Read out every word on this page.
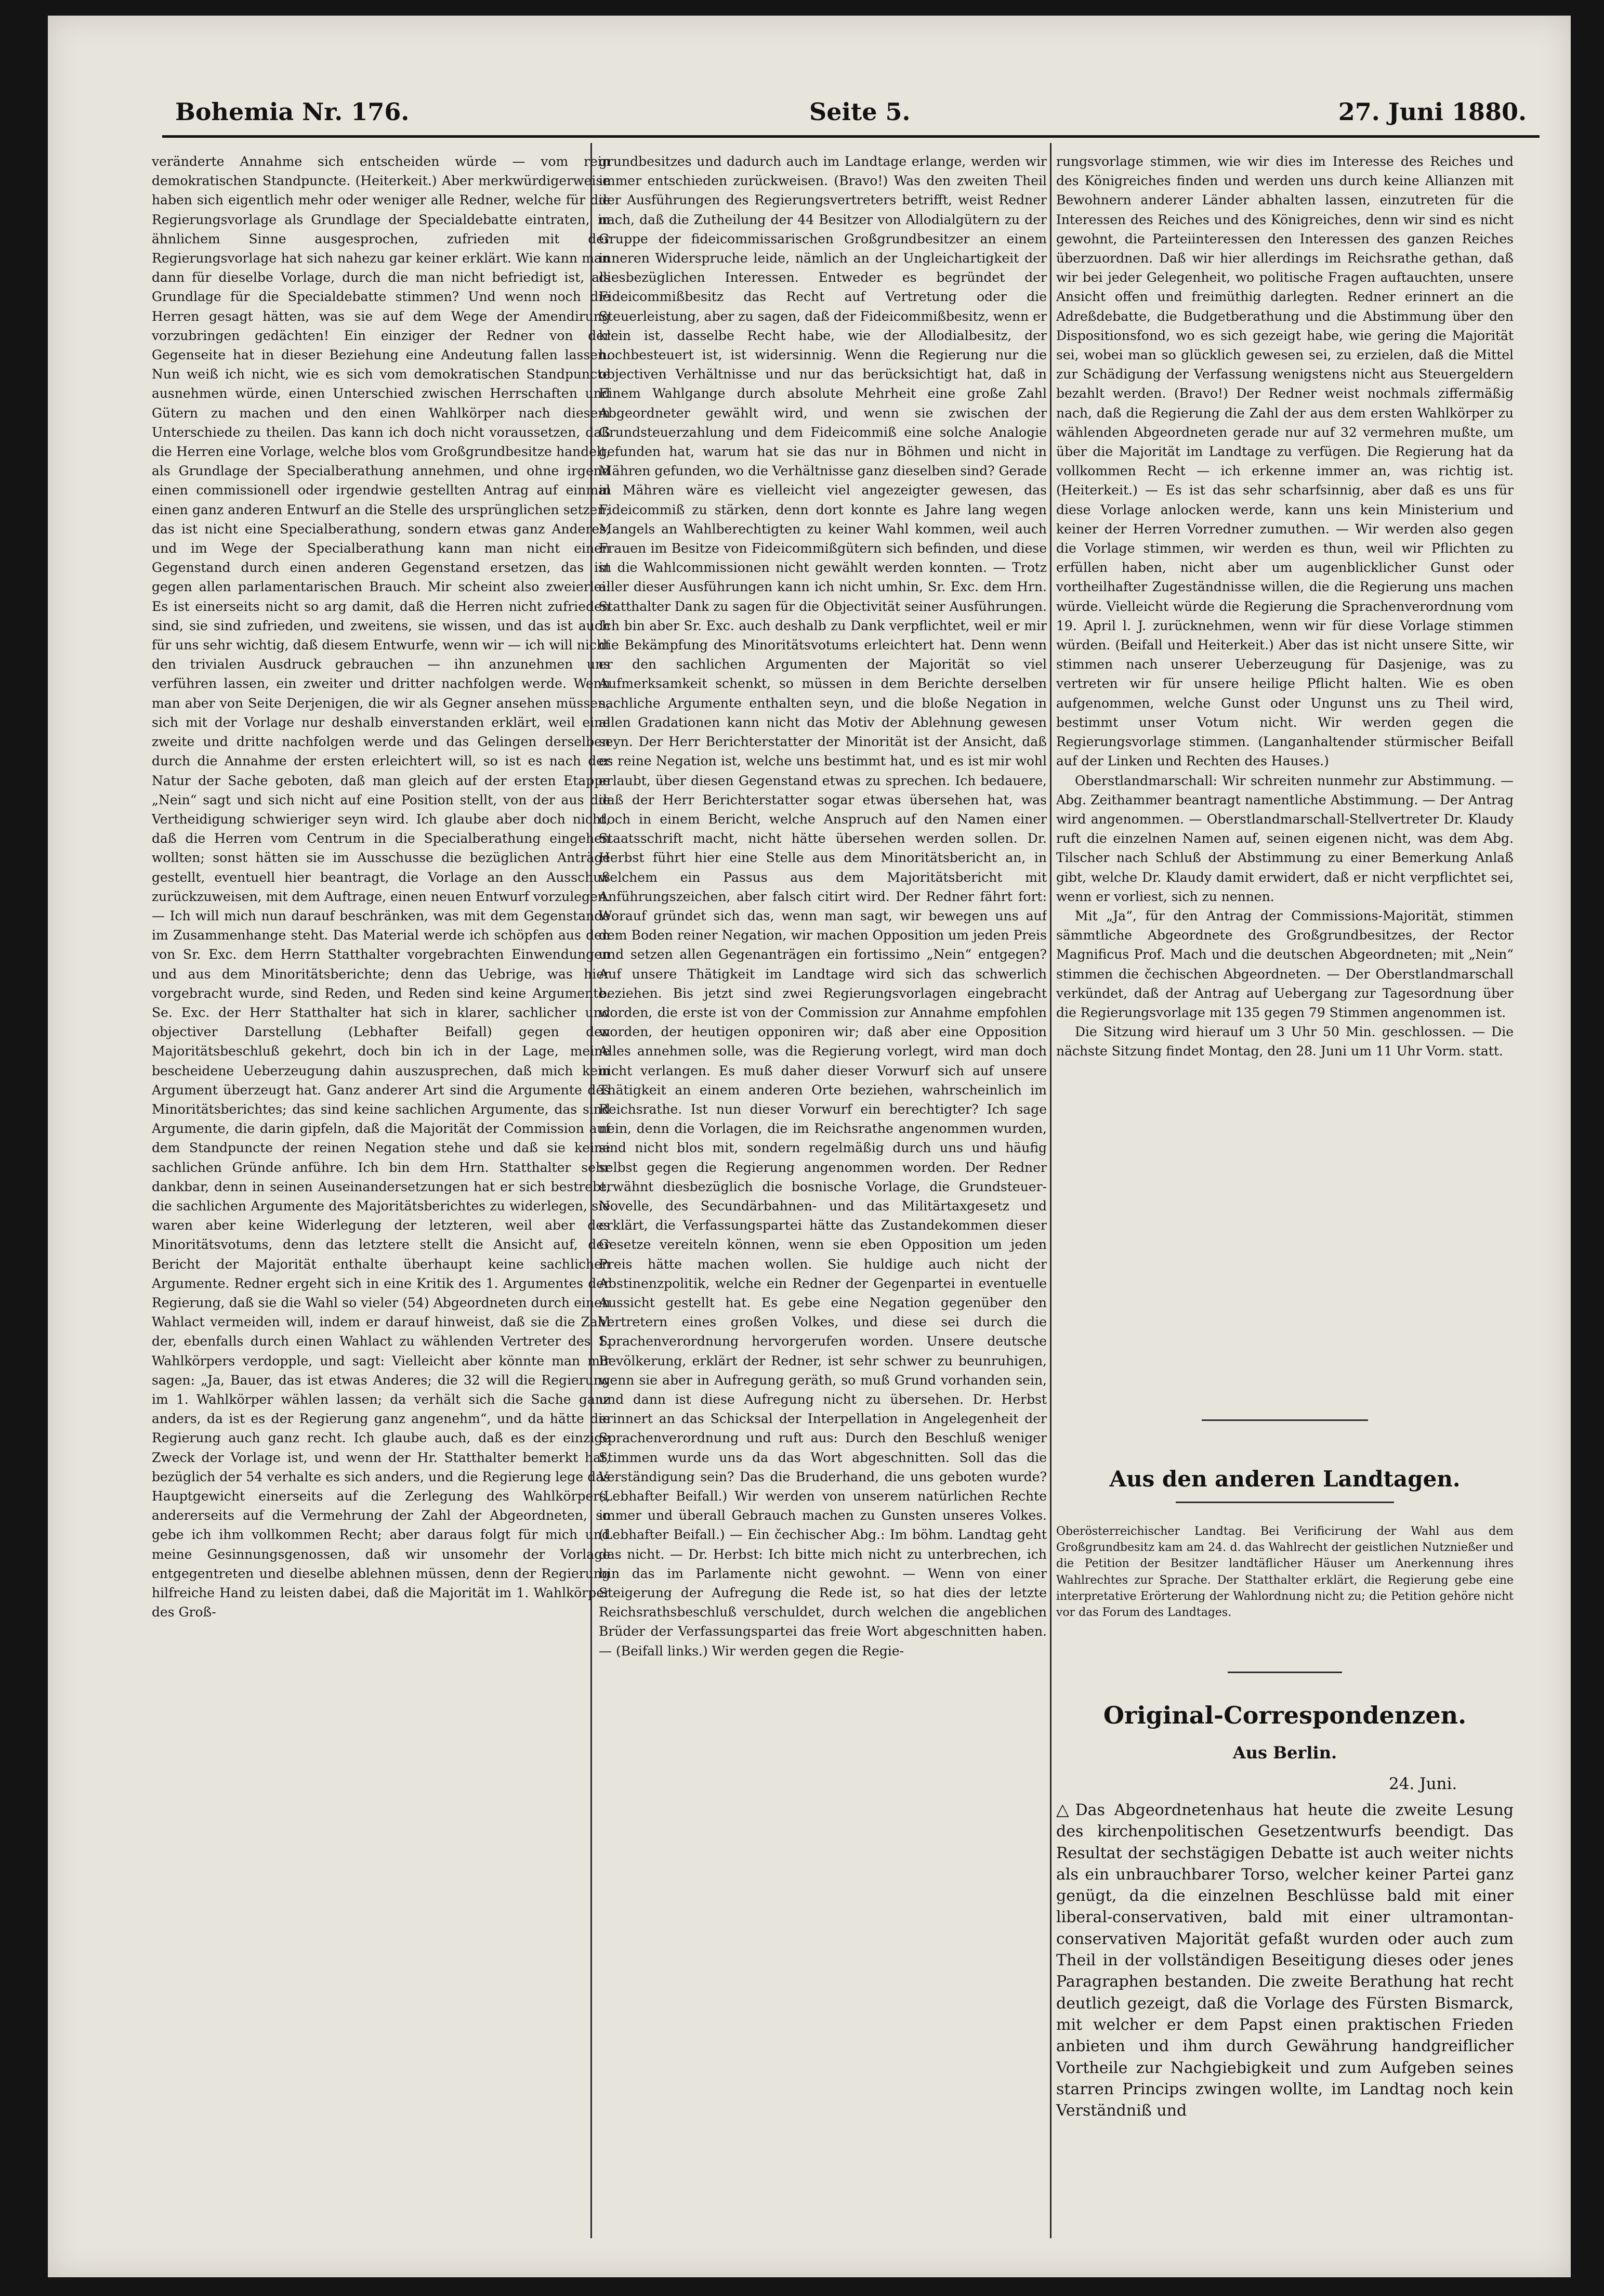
Bohemia Nr. 176.	Seite 5.	27. Juni 1880.

veränderte Annahme sich entscheiden würde — vom rein demokratischen Standpuncte. (Heiterkeit.) Aber merkwürdigerweise haben sich eigentlich mehr oder weniger alle Redner, welche für die Regierungsvorlage als Grundlage der Specialdebatte eintraten, in ähnlichem Sinne ausgesprochen, zufrieden mit der Regierungsvorlage hat sich nahezu gar keiner erklärt. Wie kann man dann für dieselbe Vorlage, durch die man nicht befriedigt ist, als Grundlage für die Specialdebatte stimmen? Und wenn noch die Herren gesagt hätten, was sie auf dem Wege der Amendirung vorzubringen gedächten! Ein einziger der Redner von der Gegenseite hat in dieser Beziehung eine Andeutung fallen lassen. Nun weiß ich nicht, wie es sich vom demokratischen Standpuncte ausnehmen würde, einen Unterschied zwischen Herrschaften und Gütern zu machen und den einen Wahlkörper nach diesem Unterschiede zu theilen. Das kann ich doch nicht voraussetzen, daß die Herren eine Vorlage, welche blos vom Großgrundbesitze handelt, als Grundlage der Specialberathung annehmen, und ohne irgend einen commissionell oder irgendwie gestellten Antrag auf einmal einen ganz anderen Entwurf an die Stelle des ursprünglichen setzen; das ist nicht eine Specialberathung, sondern etwas ganz Anderes, und im Wege der Specialberathung kann man nicht einen Gegenstand durch einen anderen Gegenstand ersetzen, das ist gegen allen parlamentarischen Brauch. Mir scheint also zweierlei: Es ist einerseits nicht so arg damit, daß die Herren nicht zufrieden sind, sie sind zufrieden, und zweitens, sie wissen, und das ist auch für uns sehr wichtig, daß diesem Entwurfe, wenn wir — ich will nicht den trivialen Ausdruck gebrauchen — ihn anzunehmen uns verführen lassen, ein zweiter und dritter nachfolgen werde. Wenn man aber von Seite Derjenigen, die wir als Gegner ansehen müssen, sich mit der Vorlage nur deshalb einverstanden erklärt, weil eine zweite und dritte nachfolgen werde und das Gelingen derselben durch die Annahme der ersten erleichtert will, so ist es nach der Natur der Sache geboten, daß man gleich auf der ersten Etappe „Nein“ sagt und sich nicht auf eine Position stellt, von der aus die Vertheidigung schwieriger seyn wird. Ich glaube aber doch nicht, daß die Herren vom Centrum in die Specialberathung eingehen wollten; sonst hätten sie im Ausschusse die bezüglichen Anträge gestellt, eventuell hier beantragt, die Vorlage an den Ausschuß zurückzuweisen, mit dem Auftrage, einen neuen Entwurf vorzulegen. — Ich will mich nun darauf beschränken, was mit dem Gegenstande im Zusammenhange steht. Das Material werde ich schöpfen aus den von Sr. Exc. dem Herrn Statthalter vorgebrachten Einwendungen und aus dem Minoritätsberichte; denn das Uebrige, was hier vorgebracht wurde, sind Reden, und Reden sind keine Argumente. Se. Exc. der Herr Statthalter hat sich in klarer, sachlicher und objectiver Darstellung (Lebhafter Beifall) gegen den Majoritätsbeschluß gekehrt, doch bin ich in der Lage, meine bescheidene Ueberzeugung dahin auszusprechen, daß mich kein Argument überzeugt hat. Ganz anderer Art sind die Argumente des Minoritätsberichtes; das sind keine sachlichen Argumente, das sind Argumente, die darin gipfeln, daß die Majorität der Commission auf dem Standpuncte der reinen Negation stehe und daß sie keine sachlichen Gründe anführe. Ich bin dem Hrn. Statthalter sehr dankbar, denn in seinen Auseinandersetzungen hat er sich bestrebt, die sachlichen Argumente des Majoritätsberichtes zu widerlegen, sie waren aber keine Widerlegung der letzteren, weil aber des Minoritätsvotums, denn das letztere stellt die Ansicht auf, der Bericht der Majorität enthalte überhaupt keine sachlichen Argumente. Redner ergeht sich in eine Kritik des 1. Argumentes der Regierung, daß sie die Wahl so vieler (54) Abgeordneten durch einen Wahlact vermeiden will, indem er darauf hinweist, daß sie die Zahl der, ebenfalls durch einen Wahlact zu wählenden Vertreter des 1. Wahlkörpers verdopple, und sagt: Vielleicht aber könnte man mir sagen: „Ja, Bauer, das ist etwas Anderes; die 32 will die Regierung im 1. Wahlkörper wählen lassen; da verhält sich die Sache ganz anders, da ist es der Regierung ganz angenehm“, und da hätte die Regierung auch ganz recht. Ich glaube auch, daß es der einzige Zweck der Vorlage ist, und wenn der Hr. Statthalter bemerkt hat, bezüglich der 54 verhalte es sich anders, und die Regierung lege das Hauptgewicht einerseits auf die Zerlegung des Wahlkörpers, andererseits auf die Vermehrung der Zahl der Abgeordneten, so gebe ich ihm vollkommen Recht; aber daraus folgt für mich und meine Gesinnungsgenossen, daß wir unsomehr der Vorlage entgegentreten und dieselbe ablehnen müssen, denn der Regierung hilfreiche Hand zu leisten dabei, daß die Majorität im 1. Wahlkörper des Groß-

grundbesitzes und dadurch auch im Landtage erlange, werden wir immer entschieden zurückweisen. (Bravo!) Was den zweiten Theil der Ausführungen des Regierungsvertreters betrifft, weist Redner nach, daß die Zutheilung der 44 Besitzer von Allodialgütern zu der Gruppe der fideicommissarischen Großgrundbesitzer an einem inneren Widerspruche leide, nämlich an der Ungleichartigkeit der diesbezüglichen Interessen. Entweder es begründet der Fideicommißbesitz das Recht auf Vertretung oder die Steuerleistung, aber zu sagen, daß der Fideicommißbesitz, wenn er klein ist, dasselbe Recht habe, wie der Allodialbesitz, der hochbesteuert ist, ist widersinnig. Wenn die Regierung nur die objectiven Verhältnisse und nur das berücksichtigt hat, daß in Einem Wahlgange durch absolute Mehrheit eine große Zahl Abgeordneter gewählt wird, und wenn sie zwischen der Grundsteuerzahlung und dem Fideicommiß eine solche Analogie gefunden hat, warum hat sie das nur in Böhmen und nicht in Mähren gefunden, wo die Verhältnisse ganz dieselben sind? Gerade in Mähren wäre es vielleicht viel angezeigter gewesen, das Fideicommiß zu stärken, denn dort konnte es Jahre lang wegen Mangels an Wahlberechtigten zu keiner Wahl kommen, weil auch Frauen im Besitze von Fideicommißgütern sich befinden, und diese in die Wahlcommissionen nicht gewählt werden konnten. — Trotz aller dieser Ausführungen kann ich nicht umhin, Sr. Exc. dem Hrn. Statthalter Dank zu sagen für die Objectivität seiner Ausführungen. Ich bin aber Sr. Exc. auch deshalb zu Dank verpflichtet, weil er mir die Bekämpfung des Minoritätsvotums erleichtert hat. Denn wenn er den sachlichen Argumenten der Majorität so viel Aufmerksamkeit schenkt, so müssen in dem Berichte derselben sachliche Argumente enthalten seyn, und die bloße Negation in allen Gradationen kann nicht das Motiv der Ablehnung gewesen seyn. Der Herr Berichterstatter der Minorität ist der Ansicht, daß es reine Negation ist, welche uns bestimmt hat, und es ist mir wohl erlaubt, über diesen Gegenstand etwas zu sprechen. Ich bedauere, daß der Herr Berichterstatter sogar etwas übersehen hat, was doch in einem Bericht, welche Anspruch auf den Namen einer Staatsschrift macht, nicht hätte übersehen werden sollen. Dr. Herbst führt hier eine Stelle aus dem Minoritätsbericht an, in welchem ein Passus aus dem Majoritätsbericht mit Anführungszeichen, aber falsch citirt wird. Der Redner fährt fort: Worauf gründet sich das, wenn man sagt, wir bewegen uns auf dem Boden reiner Negation, wir machen Opposition um jeden Preis und setzen allen Gegenanträgen ein fortissimo „Nein“ entgegen? Auf unsere Thätigkeit im Landtage wird sich das schwerlich beziehen. Bis jetzt sind zwei Regierungsvorlagen eingebracht worden, die erste ist von der Commission zur Annahme empfohlen worden, der heutigen opponiren wir; daß aber eine Opposition Alles annehmen solle, was die Regierung vorlegt, wird man doch nicht verlangen. Es muß daher dieser Vorwurf sich auf unsere Thätigkeit an einem anderen Orte beziehen, wahrscheinlich im Reichsrathe. Ist nun dieser Vorwurf ein berechtigter? Ich sage nein, denn die Vorlagen, die im Reichsrathe angenommen wurden, sind nicht blos mit, sondern regelmäßig durch uns und häufig selbst gegen die Regierung angenommen worden. Der Redner erwähnt diesbezüglich die bosnische Vorlage, die Grundsteuer-Novelle, des Secundärbahnen- und das Militärtaxgesetz und erklärt, die Verfassungspartei hätte das Zustandekommen dieser Gesetze vereiteln können, wenn sie eben Opposition um jeden Preis hätte machen wollen. Sie huldige auch nicht der Abstinenzpolitik, welche ein Redner der Gegenpartei in eventuelle Aussicht gestellt hat. Es gebe eine Negation gegenüber den Vertretern eines großen Volkes, und diese sei durch die Sprachenverordnung hervorgerufen worden. Unsere deutsche Bevölkerung, erklärt der Redner, ist sehr schwer zu beunruhigen, wenn sie aber in Aufregung geräth, so muß Grund vorhanden sein, und dann ist diese Aufregung nicht zu übersehen. Dr. Herbst erinnert an das Schicksal der Interpellation in Angelegenheit der Sprachenverordnung und ruft aus: Durch den Beschluß weniger Stimmen wurde uns da das Wort abgeschnitten. Soll das die Verständigung sein? Das die Bruderhand, die uns geboten wurde? (Lebhafter Beifall.) Wir werden von unserem natürlichen Rechte immer und überall Gebrauch machen zu Gunsten unseres Volkes. (Lebhafter Beifall.) — Ein čechischer Abg.: Im böhm. Landtag geht das nicht. — Dr. Herbst: Ich bitte mich nicht zu unterbrechen, ich bin das im Parlamente nicht gewohnt. — Wenn von einer Steigerung der Aufregung die Rede ist, so hat dies der letzte Reichsrathsbeschluß verschuldet, durch welchen die angeblichen Brüder der Verfassungspartei das freie Wort abgeschnitten haben. — (Beifall links.) Wir werden gegen die Regie-

rungsvorlage stimmen, wie wir dies im Interesse des Reiches und des Königreiches finden und werden uns durch keine Allianzen mit Bewohnern anderer Länder abhalten lassen, einzutreten für die Interessen des Reiches und des Königreiches, denn wir sind es nicht gewohnt, die Parteiinteressen den Interessen des ganzen Reiches überzuordnen. Daß wir hier allerdings im Reichsrathe gethan, daß wir bei jeder Gelegenheit, wo politische Fragen auftauchten, unsere Ansicht offen und freimüthig darlegten. Redner erinnert an die Adreßdebatte, die Budgetberathung und die Abstimmung über den Dispositionsfond, wo es sich gezeigt habe, wie gering die Majorität sei, wobei man so glücklich gewesen sei, zu erzielen, daß die Mittel zur Schädigung der Verfassung wenigstens nicht aus Steuergeldern bezahlt werden. (Bravo!) Der Redner weist nochmals ziffermäßig nach, daß die Regierung die Zahl der aus dem ersten Wahlkörper zu wählenden Abgeordneten gerade nur auf 32 vermehren mußte, um über die Majorität im Landtage zu verfügen. Die Regierung hat da vollkommen Recht — ich erkenne immer an, was richtig ist. (Heiterkeit.) — Es ist das sehr scharfsinnig, aber daß es uns für diese Vorlage anlocken werde, kann uns kein Ministerium und keiner der Herren Vorredner zumuthen. — Wir werden also gegen die Vorlage stimmen, wir werden es thun, weil wir Pflichten zu erfüllen haben, nicht aber um augenblicklicher Gunst oder vortheilhafter Zugeständnisse willen, die die Regierung uns machen würde. Vielleicht würde die Regierung die Sprachenverordnung vom 19. April l. J. zurücknehmen, wenn wir für diese Vorlage stimmen würden. (Beifall und Heiterkeit.) Aber das ist nicht unsere Sitte, wir stimmen nach unserer Ueberzeugung für Dasjenige, was zu vertreten wir für unsere heilige Pflicht halten. Wie es oben aufgenommen, welche Gunst oder Ungunst uns zu Theil wird, bestimmt unser Votum nicht. Wir werden gegen die Regierungsvorlage stimmen. (Langanhaltender stürmischer Beifall auf der Linken und Rechten des Hauses.)

Oberstlandmarschall: Wir schreiten nunmehr zur Abstimmung. — Abg. Zeithammer beantragt namentliche Abstimmung. — Der Antrag wird angenommen. — Oberstlandmarschall-Stellvertreter Dr. Klaudy ruft die einzelnen Namen auf, seinen eigenen nicht, was dem Abg. Tilscher nach Schluß der Abstimmung zu einer Bemerkung Anlaß gibt, welche Dr. Klaudy damit erwidert, daß er nicht verpflichtet sei, wenn er vorliest, sich zu nennen.

Mit „Ja“, für den Antrag der Commissions-Majorität, stimmen sämmtliche Abgeordnete des Großgrundbesitzes, der Rector Magnificus Prof. Mach und die deutschen Abgeordneten; mit „Nein“ stimmen die čechischen Abgeordneten. — Der Oberstlandmarschall verkündet, daß der Antrag auf Uebergang zur Tagesordnung über die Regierungsvorlage mit 135 gegen 79 Stimmen angenommen ist.

Die Sitzung wird hierauf um 3 Uhr 50 Min. geschlossen. — Die nächste Sitzung findet Montag, den 28. Juni um 11 Uhr Vorm. statt.

Aus den anderen Landtagen.
Oberösterreichischer Landtag. Bei Verificirung der Wahl aus dem Großgrundbesitz kam am 24. d. das Wahlrecht der geistlichen Nutznießer und die Petition der Besitzer landtäflicher Häuser um Anerkennung ihres Wahlrechtes zur Sprache. Der Statthalter erklärt, die Regierung gebe eine interpretative Erörterung der Wahlordnung nicht zu; die Petition gehöre nicht vor das Forum des Landtages.
Original-Correspondenzen.
Aus Berlin.
24. Juni.
△ Das Abgeordnetenhaus hat heute die zweite Lesung des kirchenpolitischen Gesetzentwurfs beendigt. Das Resultat der sechstägigen Debatte ist auch weiter nichts als ein unbrauchbarer Torso, welcher keiner Partei ganz genügt, da die einzelnen Beschlüsse bald mit einer liberal-conservativen, bald mit einer ultramontan-conservativen Majorität gefaßt wurden oder auch zum Theil in der vollständigen Beseitigung dieses oder jenes Paragraphen bestanden. Die zweite Berathung hat recht deutlich gezeigt, daß die Vorlage des Fürsten Bismarck, mit welcher er dem Papst einen praktischen Frieden anbieten und ihm durch Gewährung handgreiflicher Vortheile zur Nachgiebigkeit und zum Aufgeben seines starren Princips zwingen wollte, im Landtag noch kein Verständniß und
